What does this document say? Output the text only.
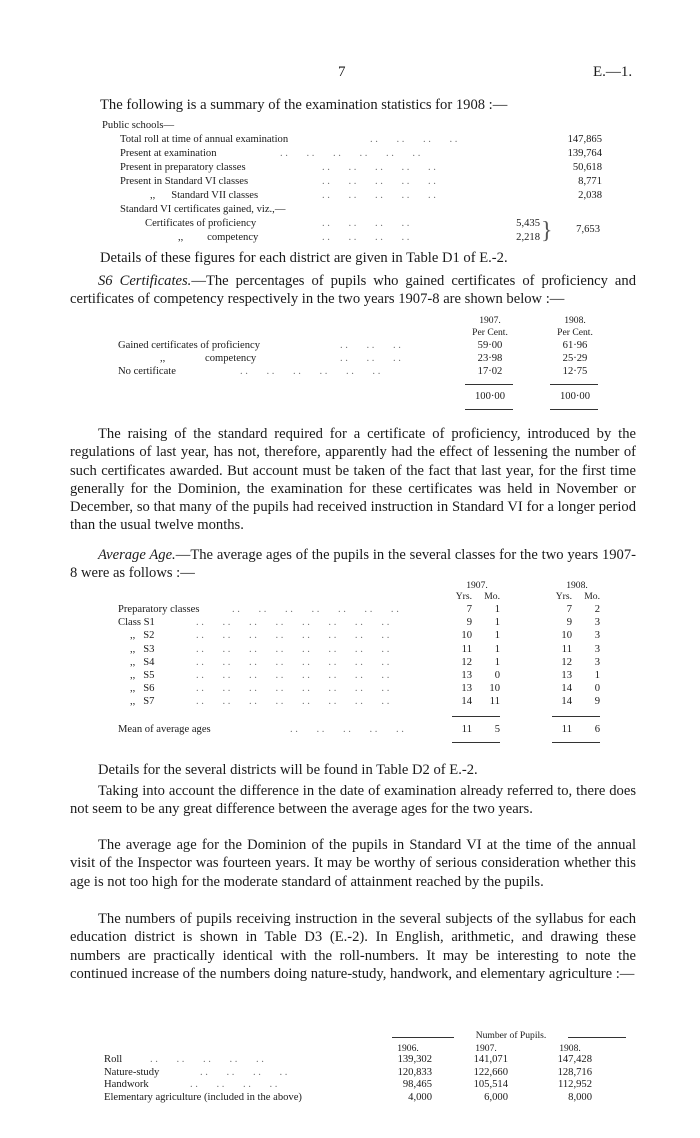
7	E.—1.
The following is a summary of the examination statistics for 1908 :—
Public schools—
Total roll at time of annual examination	. .       . .       . .       . .	147,865
Present at examination	. .       . .       . .       . .       . .       . .	139,764
Present in preparatory classes	. .       . .       . .       . .       . .	50,618
Present in Standard VI classes	. .       . .       . .       . .       . .	8,771
,,      Standard VII classes	. .       . .       . .       . .       . .	2,038
Standard VI certificates gained, viz.,—
Certificates of proficiency	. .       . .       . .       . .	5,435
,,         competency	. .       . .       . .       . .	2,218 }	7,653
Details of these figures for each district are given in Table D1 of E.-2.
S6 Certificates.—The percentages of pupils who gained certificates of proficiency and certificates of competency respectively in the two years 1907-8 are shown below :—
1907.	1908.
Per Cent.	Per Cent.
Gained certificates of proficiency	. .       . .       . .	59·00	61·96
,,               competency	. .       . .       . .	23·98	25·29
No certificate	. .       . .       . .       . .       . .       . .	17·02	12·75
100·00	100·00
The raising of the standard required for a certificate of proficiency, introduced by the regulations of last year, has not, therefore, apparently had the effect of lessening the number of such certificates awarded. But account must be taken of the fact that last year, for the first time generally for the Dominion, the examination for these certificates was held in November or December, so that many of the pupils had received instruction in Standard VI for a longer period than the usual twelve months.
Average Age.—The average ages of the pupils in the several classes for the two years 1907-8 were as follows :—
1907.	1908.
Yrs.	Mo.	Yrs.	Mo.
Preparatory classes	7	1	7	2
. .       . .       . .       . .       . .       . .       . .
Class S1	9	1	9	3
. .       . .       . .       . .       . .       . .       . .       . .
,,   S2	10	1	10	3
. .       . .       . .       . .       . .       . .       . .       . .
,,   S3	11	1	11	3
. .       . .       . .       . .       . .       . .       . .       . .
,,   S4	12	1	12	3
. .       . .       . .       . .       . .       . .       . .       . .
,,   S5	13	0	13	1
. .       . .       . .       . .       . .       . .       . .       . .
,,   S6	13	10	14	0
. .       . .       . .       . .       . .       . .       . .       . .
,,   S7	14	11	14	9
. .       . .       . .       . .       . .       . .       . .       . .
Mean of average ages	. .       . .       . .       . .       . .	11	5	11	6
Details for the several districts will be found in Table D2 of E.-2.
Taking into account the difference in the date of examination already referred to, there does not seem to be any great difference between the average ages for the two years.
The average age for the Dominion of the pupils in Standard VI at the time of the annual visit of the Inspector was fourteen years. It may be worthy of serious consideration whether this age is not too high for the moderate standard of attainment reached by the pupils.
The numbers of pupils receiving instruction in the several subjects of the syllabus for each education district is shown in Table D3 (E.-2). In English, arithmetic, and drawing these numbers are practically identical with the roll-numbers. It may be interesting to note the continued increase of the numbers doing nature-study, handwork, and elementary agriculture :—
Number of Pupils.
1906.	1907.	1908.
Roll	139,302	141,071	147,428
. .       . .       . .       . .       . .
Nature-study	120,833	122,660	128,716
. .       . .       . .       . .
Handwork	98,465	105,514	112,952
. .       . .       . .       . .
Elementary agriculture (included in the above)	4,000	6,000	8,000
